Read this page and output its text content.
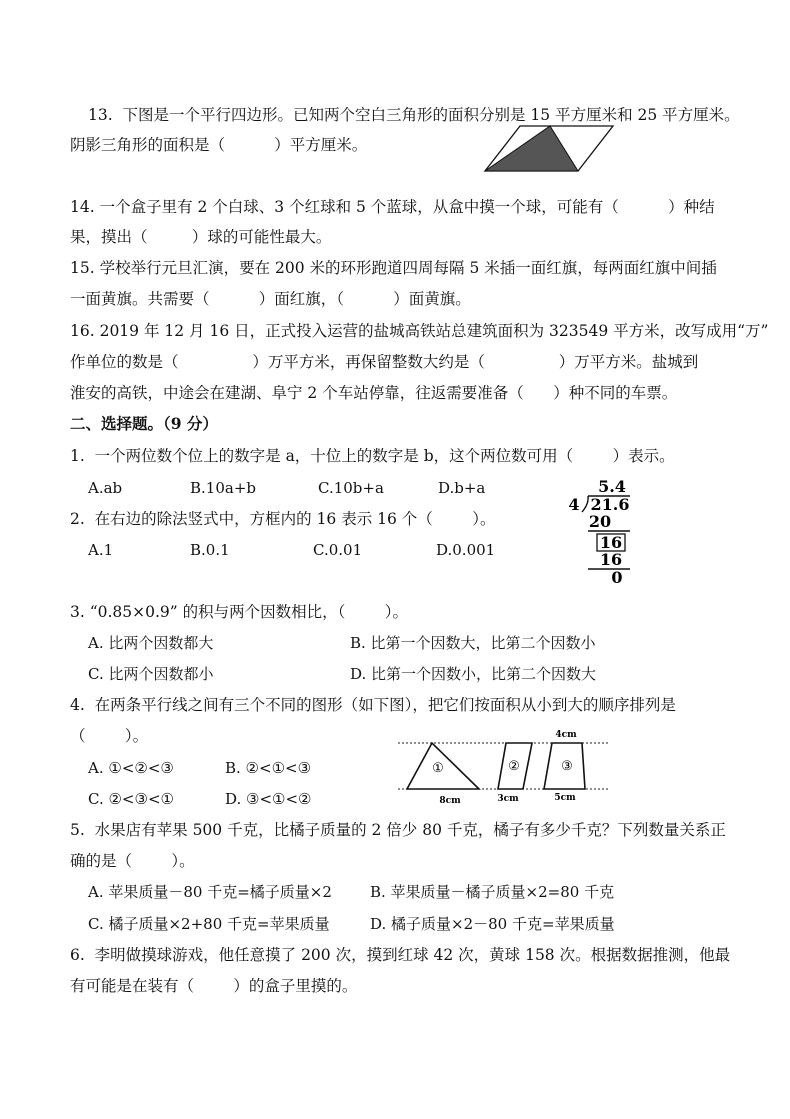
13.  下图是一个平行四边形。已知两个空白三角形的面积分别是 15 平方厘米和 25 平方厘米。
阴影三角形的面积是（          ）平方厘米。
14. 一个盒子里有 2 个白球、3 个红球和 5 个蓝球，从盒中摸一个球，可能有（          ）种结
果，摸出（         ）球的可能性最大。
15. 学校举行元旦汇演，要在 200 米的环形跑道四周每隔 5 米插一面红旗，每两面红旗中间插
一面黄旗。共需要（          ）面红旗，（          ）面黄旗。
16. 2019 年 12 月 16 日，正式投入运营的盐城高铁站总建筑面积为 323549 平方米，改写成用“万”
作单位的数是（               ）万平方米，再保留整数大约是（               ）万平方米。盐城到
淮安的高铁，中途会在建湖、阜宁 2 个车站停靠，往返需要准备（      ）种不同的车票。
二、选择题。（9 分）
1.  一个两位数个位上的数字是 a，十位上的数字是 b，这个两位数可用（        ）表示。
A.ab	B.10a+b	C.10b+a	D.b+a
2.  在右边的除法竖式中，方框内的 16 表示 16 个（        ）。
A.1	B.0.1	C.0.01	D.0.001
5.4
4 21.6
20
16
16
0
3. “0.85×0.9” 的积与两个因数相比，（        ）。
A. 比两个因数都大	B. 比第一个因数大，比第二个因数小
C. 比两个因数都小	D. 比第一个因数小，比第二个因数大
4.  在两条平行线之间有三个不同的图形（如下图），把它们按面积从小到大的顺序排列是
（        ）。
A. ①<②<③	B. ②<①<③
C. ②<③<①	D. ③<①<②
①	②	③
4cm
8cm	3cm	5cm
5.  水果店有苹果 500 千克，比橘子质量的 2 倍少 80 千克，橘子有多少千克？下列数量关系正
确的是（        ）。
A. 苹果质量－80 千克=橘子质量×2	B. 苹果质量－橘子质量×2=80 千克
C. 橘子质量×2+80 千克=苹果质量	D. 橘子质量×2－80 千克=苹果质量
6.  李明做摸球游戏，他任意摸了 200 次，摸到红球 42 次，黄球 158 次。根据数据推测，他最
有可能是在装有（        ）的盒子里摸的。
